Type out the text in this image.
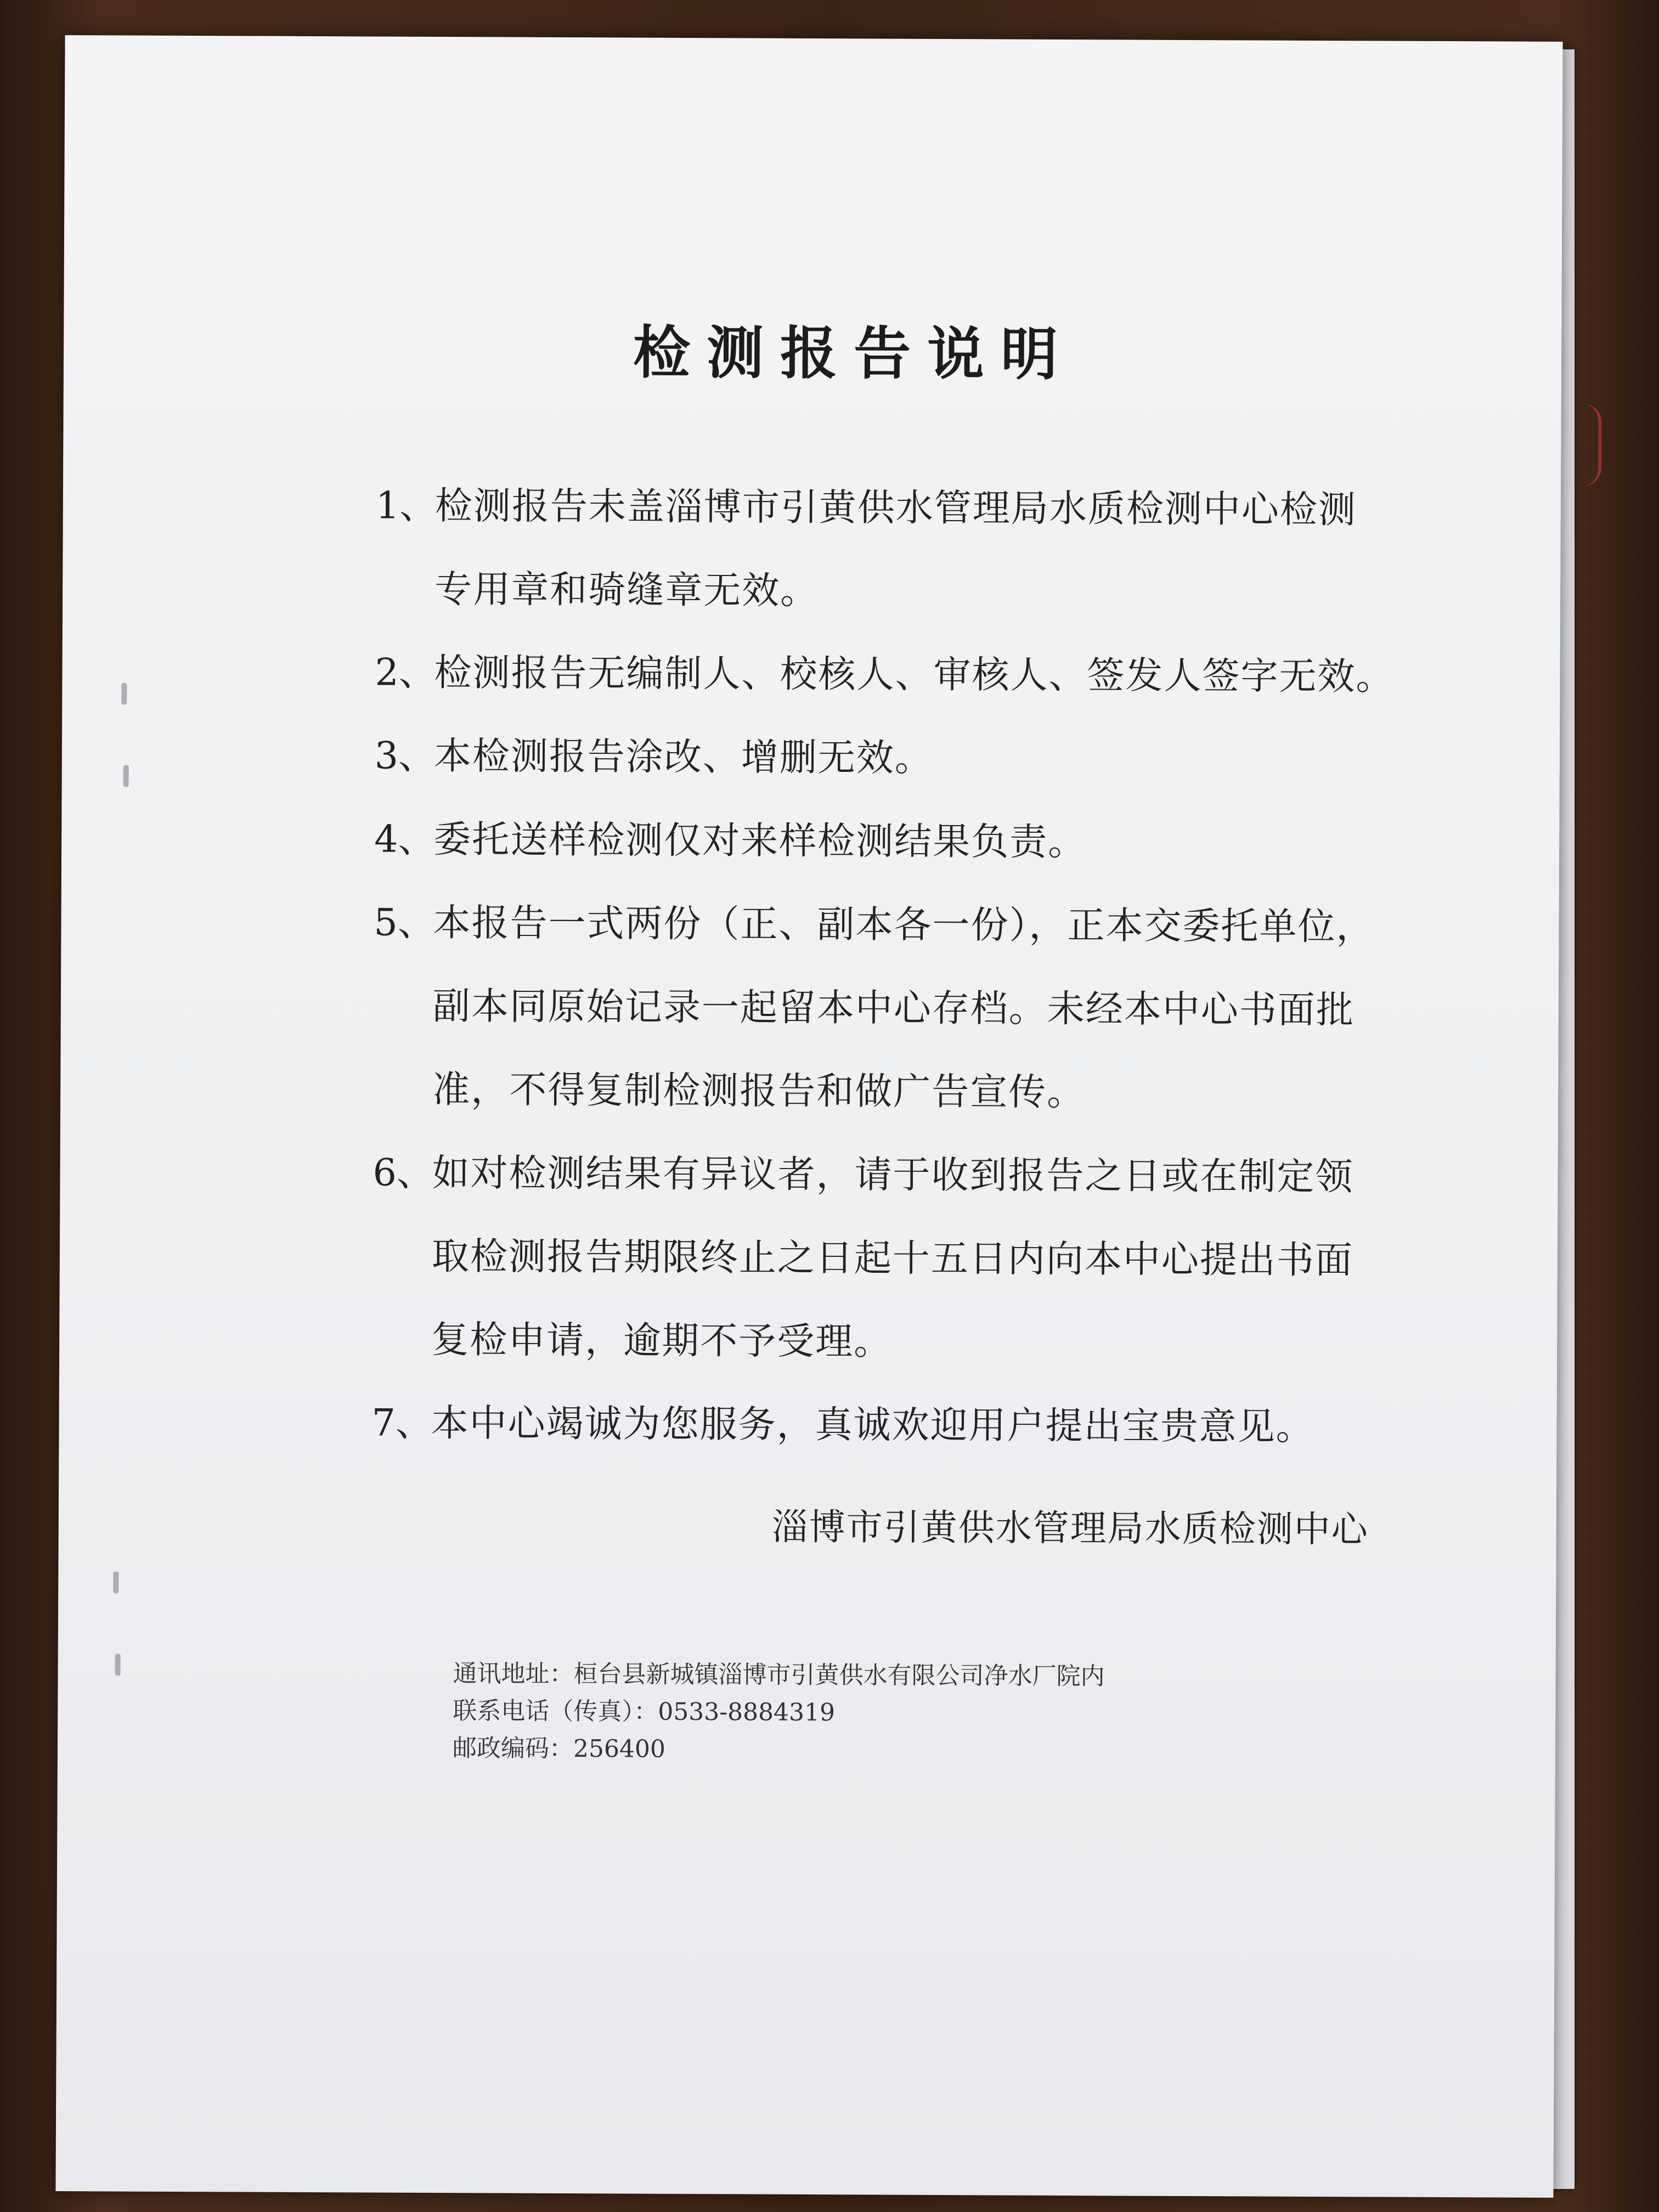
检测报告说明
1、
检测报告未盖淄博市引黄供水管理局水质检测中心检测
专用章和骑缝章无效。
2、
检测报告无编制人、校核人、审核人、签发人签字无效。
3、
本检测报告涂改、增删无效。
4、
委托送样检测仅对来样检测结果负责。
5、
本报告一式两份（正、副本各一份），正本交委托单位，
副本同原始记录一起留本中心存档。未经本中心书面批
准，不得复制检测报告和做广告宣传。
6、
如对检测结果有异议者，请于收到报告之日或在制定领
取检测报告期限终止之日起十五日内向本中心提出书面
复检申请，逾期不予受理。
7、
本中心竭诚为您服务，真诚欢迎用户提出宝贵意见。
淄博市引黄供水管理局水质检测中心
通讯地址：桓台县新城镇淄博市引黄供水有限公司净水厂院内
联系电话（传真）：0533-8884319
邮政编码：256400
